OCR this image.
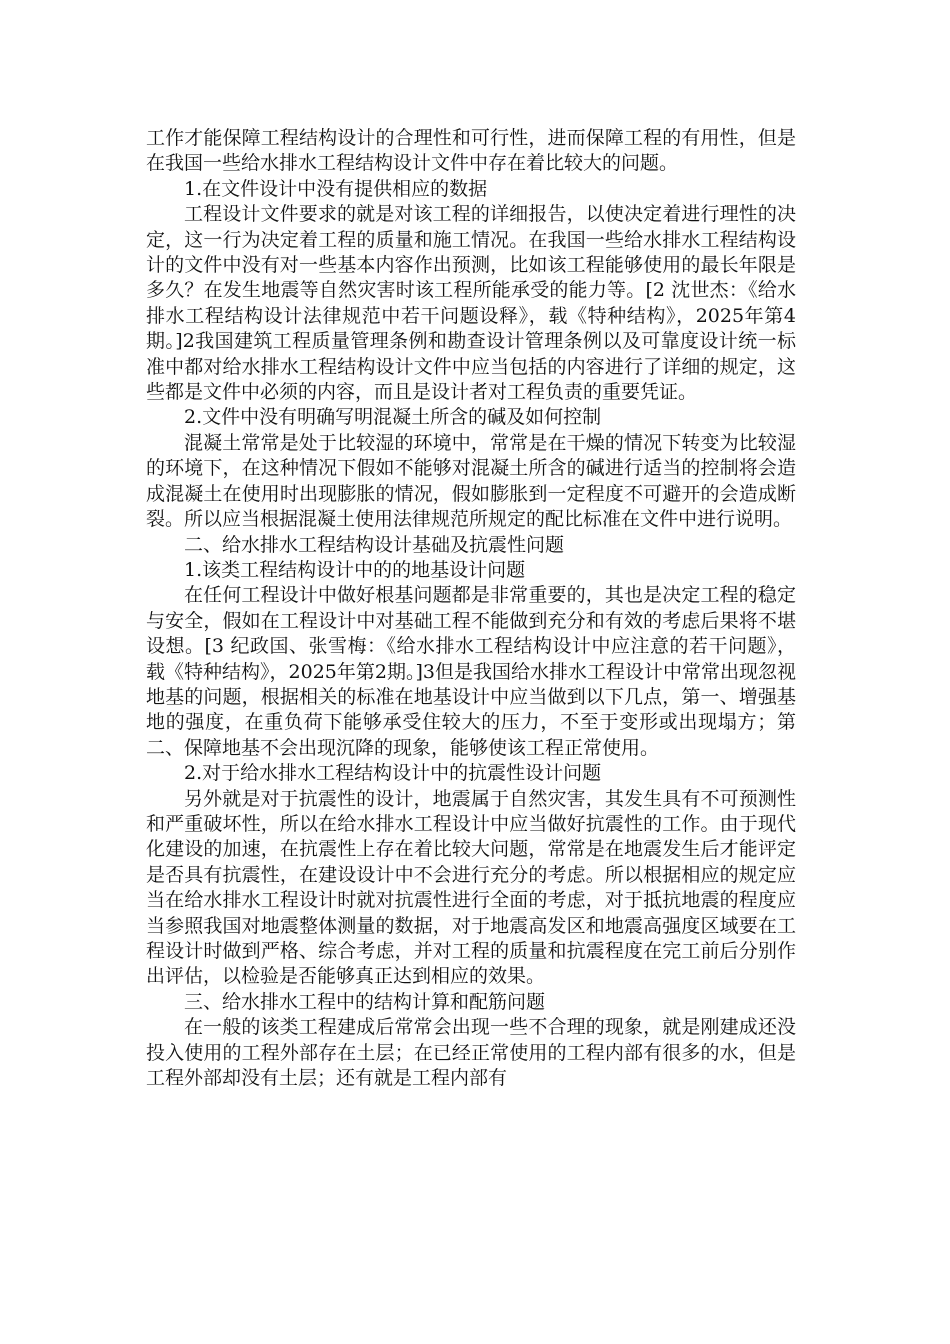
工作才能保障工程结构设计的合理性和可行性，进而保障工程的有用性，但是在我国一些给水排水工程结构设计文件中存在着比较大的问题。

1.在文件设计中没有提供相应的数据

工程设计文件要求的就是对该工程的详细报告，以使决定着进行理性的决定，这一行为决定着工程的质量和施工情况。在我国一些给水排水工程结构设计的文件中没有对一些基本内容作出预测，比如该工程能够使用的最长年限是多久？在发生地震等自然灾害时该工程所能承受的能力等。[2 沈世杰：《给水排水工程结构设计法律规范中若干问题设释》，载《特种结构》，2025年第4期。]2我国建筑工程质量管理条例和勘查设计管理条例以及可靠度设计统一标准中都对给水排水工程结构设计文件中应当包括的内容进行了详细的规定，这些都是文件中必须的内容，而且是设计者对工程负责的重要凭证。

2.文件中没有明确写明混凝土所含的碱及如何控制

混凝土常常是处于比较湿的环境中，常常是在干燥的情况下转变为比较湿的环境下，在这种情况下假如不能够对混凝土所含的碱进行适当的控制将会造成混凝土在使用时出现膨胀的情况，假如膨胀到一定程度不可避开的会造成断裂。所以应当根据混凝土使用法律规范所规定的配比标准在文件中进行说明。

二、给水排水工程结构设计基础及抗震性问题

1.该类工程结构设计中的的地基设计问题

在任何工程设计中做好根基问题都是非常重要的，其也是决定工程的稳定与安全，假如在工程设计中对基础工程不能做到充分和有效的考虑后果将不堪设想。[3 纪政国、张雪梅：《给水排水工程结构设计中应注意的若干问题》，载《特种结构》，2025年第2期。]3但是我国给水排水工程设计中常常出现忽视地基的问题，根据相关的标准在地基设计中应当做到以下几点，第一、增强基地的强度，在重负荷下能够承受住较大的压力，不至于变形或出现塌方；第二、保障地基不会出现沉降的现象，能够使该工程正常使用。

2.对于给水排水工程结构设计中的抗震性设计问题

另外就是对于抗震性的设计，地震属于自然灾害，其发生具有不可预测性和严重破坏性，所以在给水排水工程设计中应当做好抗震性的工作。由于现代化建设的加速，在抗震性上存在着比较大问题，常常是在地震发生后才能评定是否具有抗震性，在建设设计中不会进行充分的考虑。所以根据相应的规定应当在给水排水工程设计时就对抗震性进行全面的考虑，对于抵抗地震的程度应当参照我国对地震整体测量的数据，对于地震高发区和地震高强度区域要在工程设计时做到严格、综合考虑，并对工程的质量和抗震程度在完工前后分别作出评估，以检验是否能够真正达到相应的效果。

三、给水排水工程中的结构计算和配筋问题

在一般的该类工程建成后常常会出现一些不合理的现象，就是刚建成还没投入使用的工程外部存在土层；在已经正常使用的工程内部有很多的水，但是工程外部却没有土层；还有就是工程内部有
